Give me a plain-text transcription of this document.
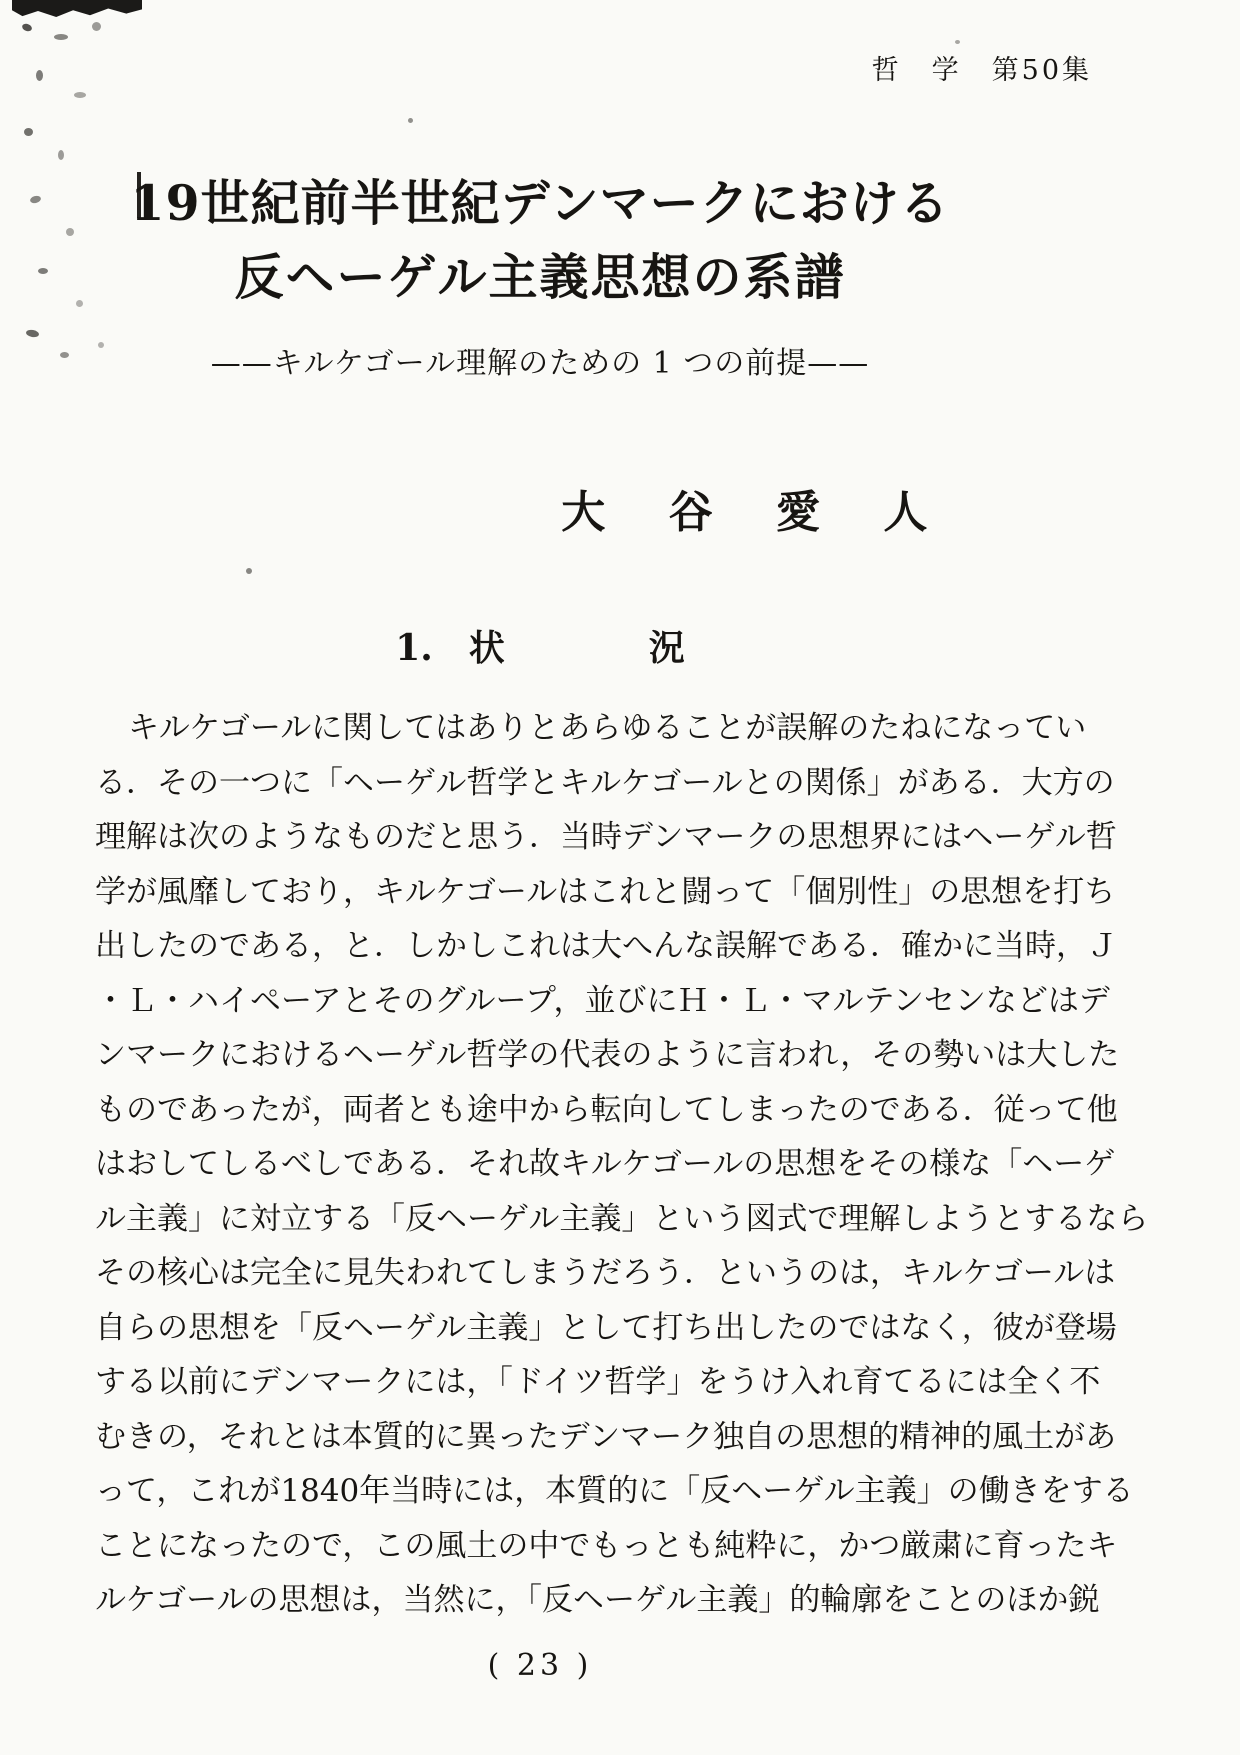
哲　学　第50集
19世紀前半世紀デンマークにおける
反ヘーゲル主義思想の系譜
——キルケゴール理解のための 1 つの前提——
大　谷　愛　人
1.　状　　　　況
キルケゴールに関してはありとあらゆることが誤解のたねになってい
る．その一つに「ヘーゲル哲学とキルケゴールとの関係」がある．大方の
理解は次のようなものだと思う．当時デンマークの思想界にはヘーゲル哲
学が風靡しており，キルケゴールはこれと闘って「個別性」の思想を打ち
出したのである，と．しかしこれは大へんな誤解である．確かに当時，Ｊ
・Ｌ・ハイペーアとそのグループ，並びにＨ・Ｌ・マルテンセンなどはデ
ンマークにおけるヘーゲル哲学の代表のように言われ，その勢いは大した
ものであったが，両者とも途中から転向してしまったのである．従って他
はおしてしるべしである．それ故キルケゴールの思想をその様な「ヘーゲ
ル主義」に対立する「反ヘーゲル主義」という図式で理解しようとするなら
その核心は完全に見失われてしまうだろう．というのは，キルケゴールは
自らの思想を「反ヘーゲル主義」として打ち出したのではなく，彼が登場
する以前にデンマークには，「ドイツ哲学」をうけ入れ育てるには全く不
むきの，それとは本質的に異ったデンマーク独自の思想的精神的風土があ
って，これが1840年当時には，本質的に「反ヘーゲル主義」の働きをする
ことになったので，この風土の中でもっとも純粋に，かつ厳粛に育ったキ
ルケゴールの思想は，当然に，「反ヘーゲル主義」的輪廓をことのほか鋭
( 23 )
